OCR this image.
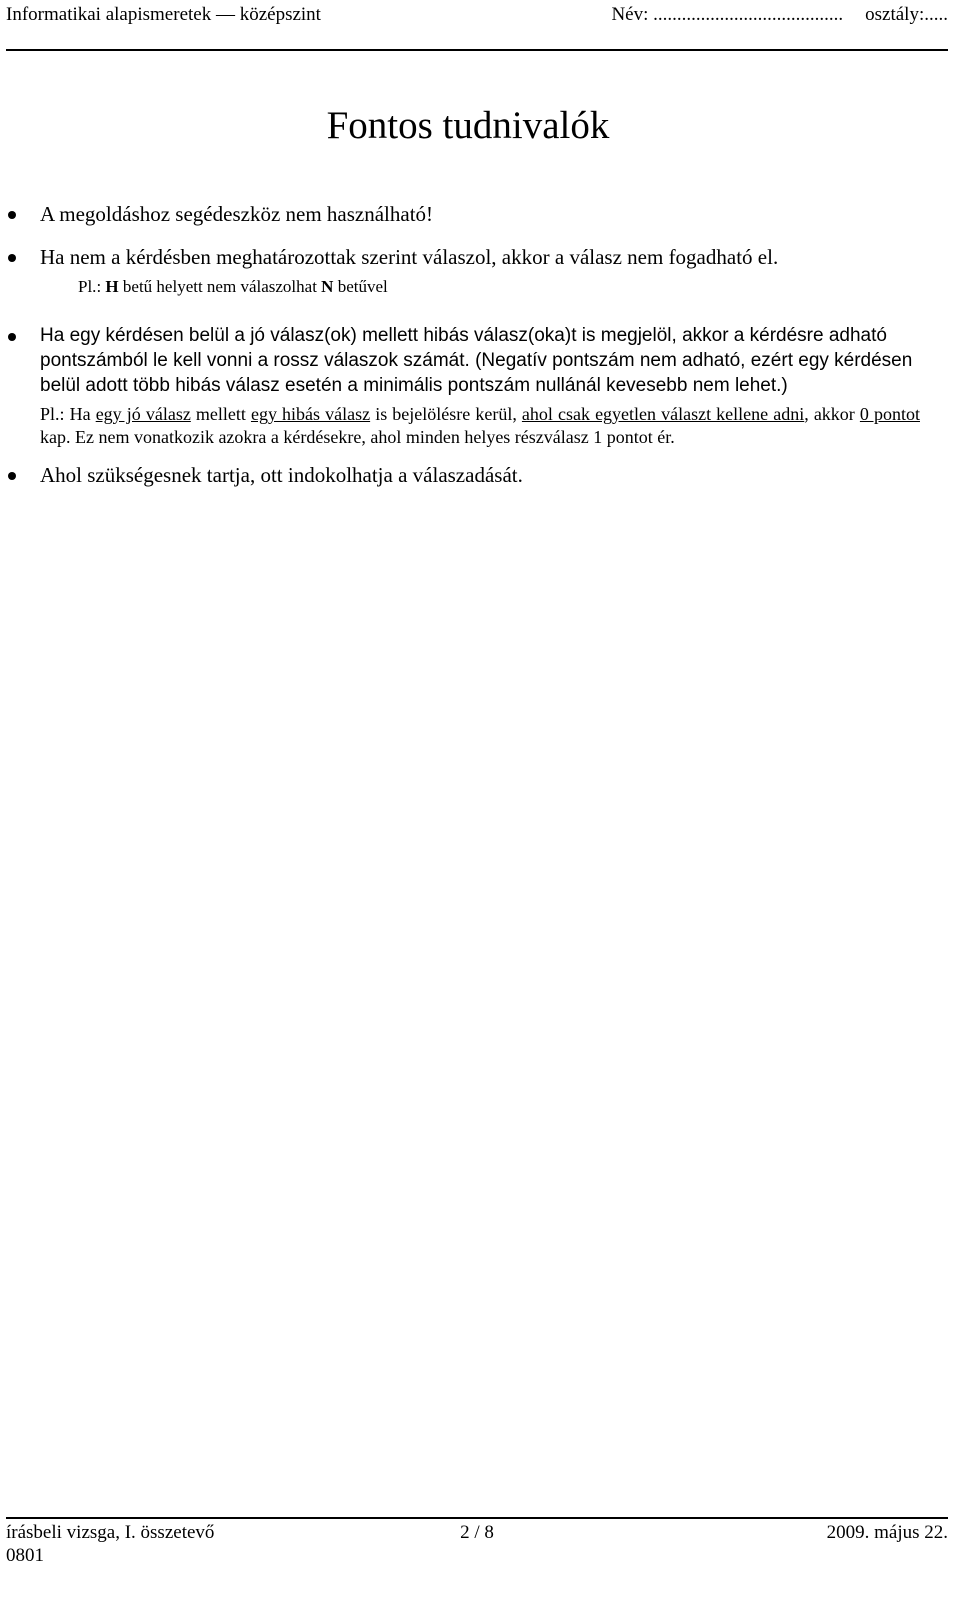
Informatikai alapismeretek — középszint	Név: ........................................ osztály:.....
Fontos tudnivalók
A megoldáshoz segédeszköz nem használható!
Ha nem a kérdésben meghatározottak szerint válaszol, akkor a válasz nem fogadható el.
Pl.: H betű helyett nem válaszolhat N betűvel
Ha egy kérdésen belül a jó válasz(ok) mellett hibás válasz(oka)t is megjelöl, akkor a kérdésre adható pontszámból le kell vonni a rossz válaszok számát. (Negatív pontszám nem adható, ezért egy kérdésen belül adott több hibás válasz esetén a minimális pontszám nullánál kevesebb nem lehet.)
Pl.: Ha egy jó válasz mellett egy hibás válasz is bejelölésre kerül, ahol csak egyetlen választ kellene adni, akkor 0 pontot kap. Ez nem vonatkozik azokra a kérdésekre, ahol minden helyes részválasz 1 pontot ér.
Ahol szükségesnek tartja, ott indokolhatja a válaszadását.
írásbeli vizsga, I. összetevő	2 / 8	2009. május 22.
0801
